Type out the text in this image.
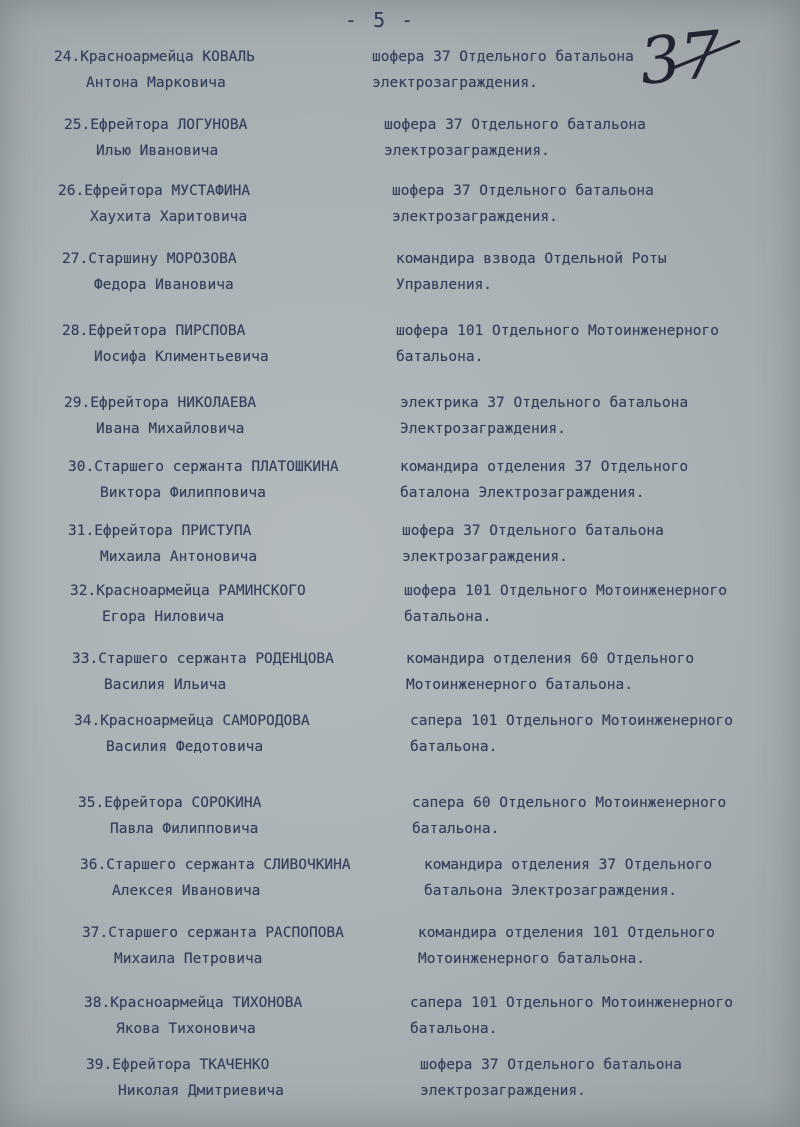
- 5 -	37
24.Красноармейца КОВАЛЬ
Антона Марковича
шофера 37 Отдельного батальона
электрозаграждения.
25.Ефрейтора ЛОГУНОВА
Илью Ивановича
шофера 37 Отдельного батальона
электрозаграждения.
26.Ефрейтора МУСТАФИНА
Хаухита Харитовича
шофера 37 Отдельного батальона
электрозаграждения.
27.Старшину МОРОЗОВА
Федора Ивановича
командира взвода Отдельной Роты
Управления.
28.Ефрейтора ПИРСПОВА
Иосифа Климентьевича
шофера 101 Отдельного Мотоинженерного
батальона.
29.Ефрейтора НИКОЛАЕВА
Ивана Михайловича
электрика 37 Отдельного батальона
Электрозаграждения.
30.Старшего сержанта ПЛАТОШКИНА
Виктора Филипповича
командира отделения 37 Отдельного
баталона Электрозаграждения.
31.Ефрейтора ПРИСТУПА
Михаила Антоновича
шофера 37 Отдельного батальона
электрозаграждения.
32.Красноармейца РАМИНСКОГО
Егора Ниловича
шофера 101 Отдельного Мотоинженерного
батальона.
33.Старшего сержанта РОДЕНЦОВА
Василия Ильича
командира отделения 60 Отдельного
Мотоинженерного батальона.
34.Красноармейца САМОРОДОВА
Василия Федотовича
сапера 101 Отдельного Мотоинженерного
батальона.
35.Ефрейтора СОРОКИНА
Павла Филипповича
сапера 60 Отдельного Мотоинженерного
батальона.
36.Старшего сержанта СЛИВОЧКИНА
Алексея Ивановича
командира отделения 37 Отдельного
батальона Электрозаграждения.
37.Старшего сержанта РАСПОПОВА
Михаила Петровича
командира отделения 101 Отдельного
Мотоинженерного батальона.
38.Красноармейца ТИХОНОВА
Якова Тихоновича
сапера 101 Отдельного Мотоинженерного
батальона.
39.Ефрейтора ТКАЧЕНКО
Николая Дмитриевича
шофера 37 Отдельного батальона
электрозаграждения.
